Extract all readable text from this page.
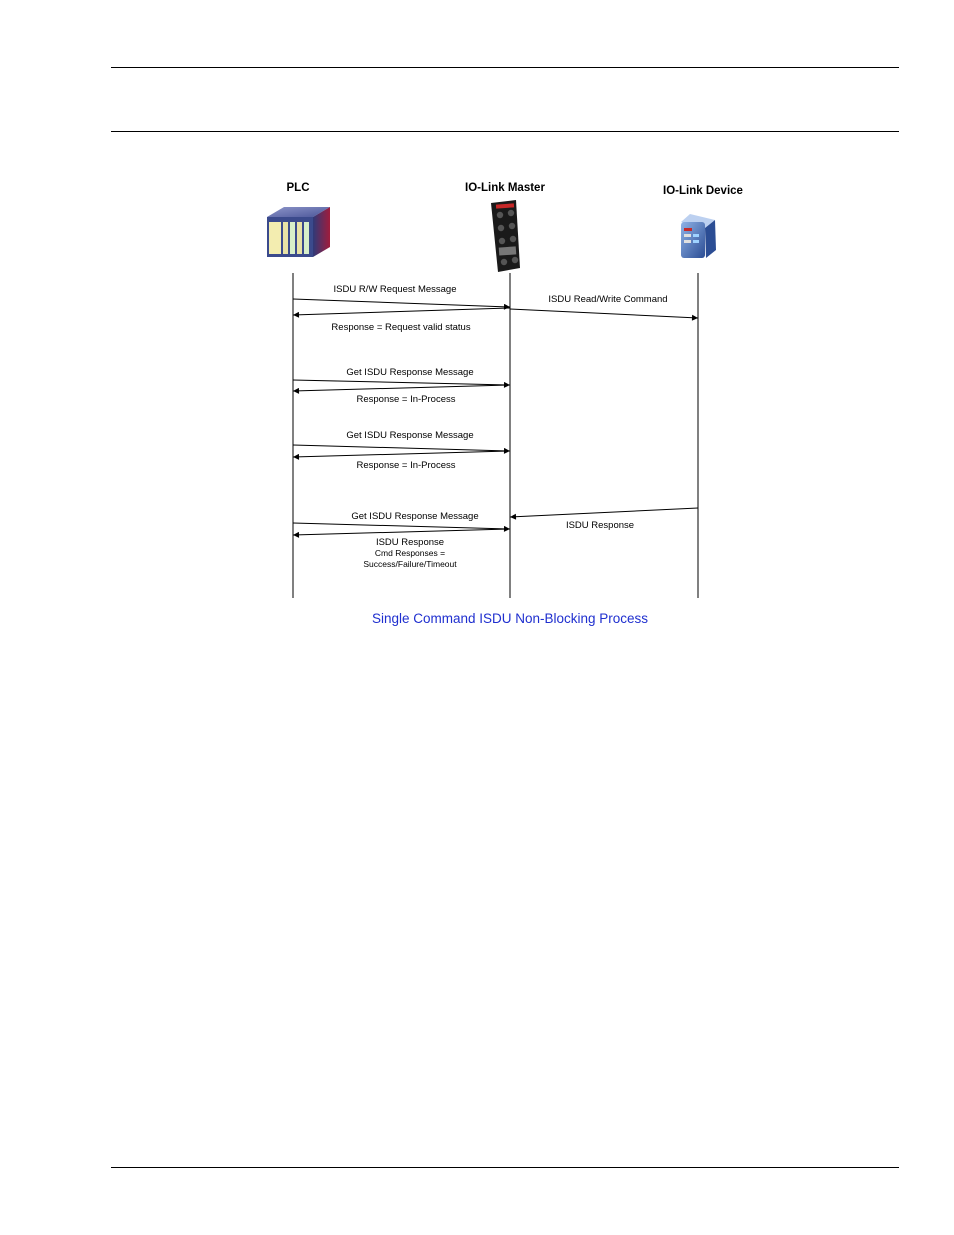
PLC	IO-Link Master	IO-Link Device
ISDU R/W Request Message
ISDU Read/Write Command
Response = Request valid status
Get ISDU Response Message
Response = In-Process
Get ISDU Response Message
Response = In-Process
ISDU Response
Get ISDU Response Message
ISDU Response
Cmd Responses =
Success/Failure/Timeout
Single Command ISDU Non-Blocking Process
